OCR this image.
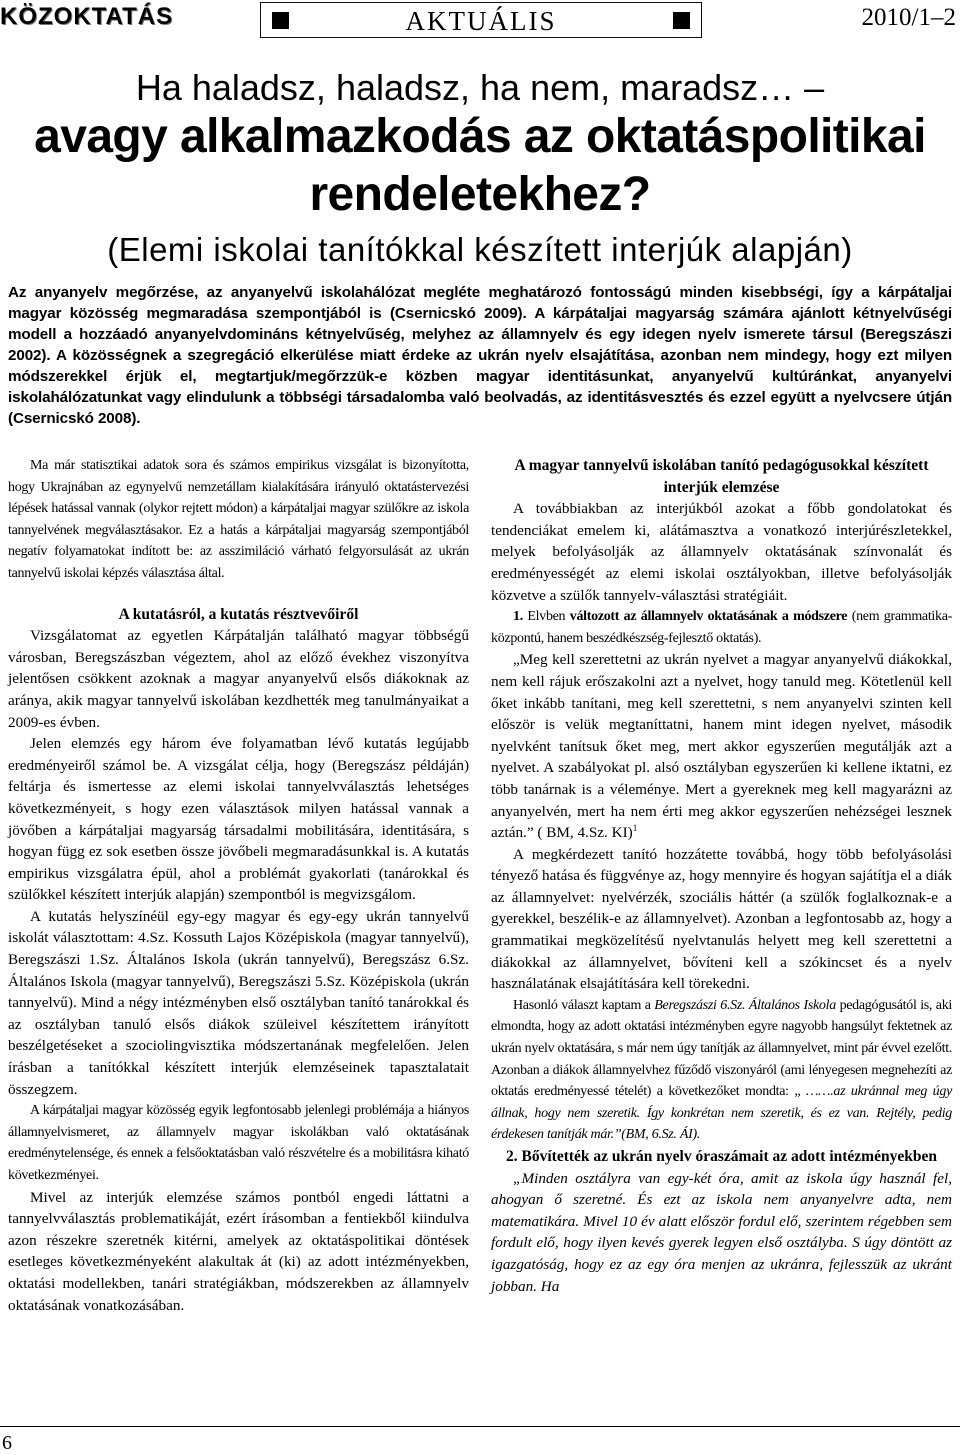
KÖZOKTATÁS	AKTUÁLIS	2010/1–2
Ha haladsz, haladsz, ha nem, maradsz… –
avagy alkalmazkodás az oktatáspolitikai
rendeletekhez?
(Elemi iskolai tanítókkal készített interjúk alapján)
Az anyanyelv megőrzése, az anyanyelvű iskolahálózat megléte meghatározó fontosságú minden kisebbségi, így a kárpátaljai magyar közösség megmaradása szempontjából is (Csernicskó 2009). A kárpátaljai magyarság számára ajánlott kétnyelvűségi modell a hozzáadó anyanyelvdomináns kétnyelvűség, melyhez az államnyelv és egy idegen nyelv ismerete társul (Beregszászi 2002). A közösségnek a szegregáció elkerülése miatt érdeke az ukrán nyelv elsajátítása, azonban nem mindegy, hogy ezt milyen módszerekkel érjük el, megtartjuk/megőrzzük-e közben magyar identitásunkat, anyanyelvű kultúránkat, anyanyelvi iskolahálózatunkat vagy elindulunk a többségi társadalomba való beolvadás, az identitásvesztés és ezzel együtt a nyelvcsere útján (Csernicskó 2008).

Ma már statisztikai adatok sora és számos empirikus vizsgálat is bizonyította, hogy Ukrajnában az egynyelvű nemzetállam kialakítására irányuló oktatástervezési lépések hatással vannak (olykor rejtett módon) a kárpátaljai magyar szülőkre az iskola tannyelvének megválasztásakor. Ez a hatás a kárpátaljai magyarság szempontjából negatív folyamatokat indított be: az asszimiláció várható felgyorsulását az ukrán tannyelvű iskolai képzés választása által.

A kutatásról, a kutatás résztvevőiről

Vizsgálatomat az egyetlen Kárpátalján található magyar többségű városban, Beregszászban végeztem, ahol az előző évekhez viszonyítva jelentősen csökkent azoknak a magyar anyanyelvű elsős diákoknak az aránya, akik magyar tannyelvű iskolában kezdhették meg tanulmányaikat a 2009-es évben.

Jelen elemzés egy három éve folyamatban lévő kutatás legújabb eredményeiről számol be. A vizsgálat célja, hogy (Beregszász példáján) feltárja és ismertesse az elemi iskolai tannyelvválasztás lehetséges következményeit, s hogy ezen választások milyen hatással vannak a jövőben a kárpátaljai magyarság társadalmi mobilitására, identitására, s hogyan függ ez sok esetben össze jövőbeli megmaradásunkkal is. A kutatás empirikus vizsgálatra épül, ahol a problémát gyakorlati (tanárokkal és szülőkkel készített interjúk alapján) szempontból is megvizsgálom.

A kutatás helyszínéül egy-egy magyar és egy-egy ukrán tannyelvű iskolát választottam: 4.Sz. Kossuth Lajos Középiskola (magyar tannyelvű), Beregszászi 1.Sz. Általános Iskola (ukrán tannyelvű), Beregszász 6.Sz. Általános Iskola (magyar tannyelvű), Beregszászi 5.Sz. Középiskola (ukrán tannyelvű). Mind a négy intézményben első osztályban tanító tanárokkal és az osztályban tanuló elsős diákok szüleivel készítettem irányított beszélgetéseket a szociolingvisztika módszertanának megfelelően. Jelen írásban a tanítókkal készített interjúk elemzéseinek tapasztalatait összegzem.

A kárpátaljai magyar közösség egyik legfontosabb jelenlegi problémája a hiányos államnyelvismeret, az államnyelv magyar iskolákban való oktatásának eredménytelensége, és ennek a felsőoktatásban való részvételre és a mobilitásra kiható következményei.

Mivel az interjúk elemzése számos pontból engedi láttatni a tannyelvválasztás problematikáját, ezért írásomban a fentiekből kiindulva azon részekre szeretnék kitérni, amelyek az oktatáspolitikai döntések esetleges következményeként alakultak át (ki) az adott intézményekben, oktatási modellekben, tanári stratégiákban, módszerekben az államnyelv oktatásának vonatkozásában.

A magyar tannyelvű iskolában tanító pedagógusokkal készített interjúk elemzése

A továbbiakban az interjúkból azokat a főbb gondolatokat és tendenciákat emelem ki, alátámasztva a vonatkozó interjúrészletekkel, melyek befolyásolják az államnyelv oktatásának színvonalát és eredményességét az elemi iskolai osztályokban, illetve befolyásolják közvetve a szülők tannyelv-választási stratégiáit.

1. Elvben változott az államnyelv oktatásának a módszere (nem grammatika-központú, hanem beszédkészség-fejlesztő oktatás).

„Meg kell szerettetni az ukrán nyelvet a magyar anyanyelvű diákokkal, nem kell rájuk erőszakolni azt a nyelvet, hogy tanuld meg. Kötetlenül kell őket inkább tanítani, meg kell szerettetni, s nem anyanyelvi szinten kell először is velük megtaníttatni, hanem mint idegen nyelvet, második nyelvként tanítsuk őket meg, mert akkor egyszerűen megutálják azt a nyelvet. A szabályokat pl. alsó osztályban egyszerűen ki kellene iktatni, ez több tanárnak is a véleménye. Mert a gyereknek meg kell magyarázni az anyanyelvén, mert ha nem érti meg akkor egyszerűen nehézségei lesznek aztán.” ( BM, 4.Sz. KI)$^1$

A megkérdezett tanító hozzátette továbbá, hogy több befolyásolási tényező hatása és függvénye az, hogy mennyire és hogyan sajátítja el a diák az államnyelvet: nyelvérzék, szociális háttér (a szülők foglalkoznak-e a gyerekkel, beszélik-e az államnyelvet). Azonban a legfontosabb az, hogy a grammatikai megközelítésű nyelvtanulás helyett meg kell szerettetni a diákokkal az államnyelvet, bővíteni kell a szókincset és a nyelv használatának elsajátítására kell törekedni.

Hasonló választ kaptam a Beregszászi 6.Sz. Általános Iskola pedagógusától is, aki elmondta, hogy az adott oktatási intézményben egyre nagyobb hangsúlyt fektetnek az ukrán nyelv oktatására, s már nem úgy tanítják az államnyelvet, mint pár évvel ezelőtt. Azonban a diákok államnyelvhez fűződő viszonyáról (ami lényegesen megnehezíti az oktatás eredményessé tételét) a következőket mondta: „ …….az ukránnal meg úgy állnak, hogy nem szeretik. Így konkrétan nem szeretik, és ez van. Rejtély, pedig érdekesen tanítják már.”(BM, 6.Sz. ÁI).

2. Bővítették az ukrán nyelv óraszámait az adott intézményekben

„Minden osztályra van egy-két óra, amit az iskola úgy használ fel, ahogyan ő szeretné. És ezt az iskola nem anyanyelvre adta, nem matematikára. Mivel 10 év alatt először fordul elő, szerintem régebben sem fordult elő, hogy ilyen kevés gyerek legyen első osztályba. S úgy döntött az igazgatóság, hogy ez az egy óra menjen az ukránra, fejlesszük az ukránt jobban. Ha

6
